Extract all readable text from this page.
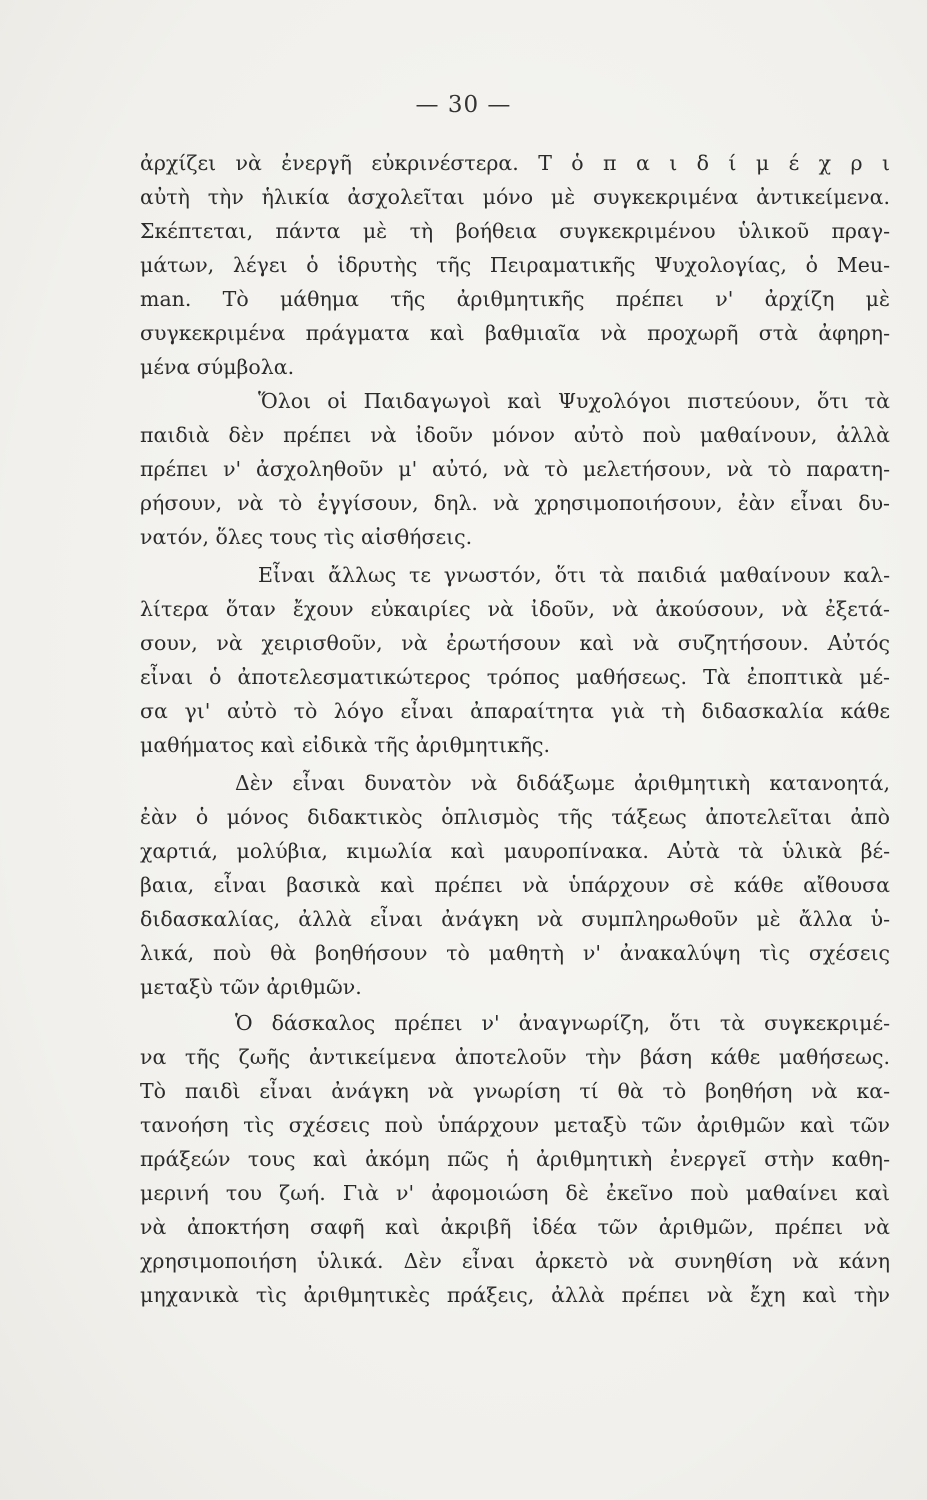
— 30 —
ἀρχίζει νὰ ἐνεργῆ εὐκρινέστερα. Τ ὁ π α ι δ ί μ έ χ ρ ι
αὐτὴ τὴν ἡλικία ἀσχολεῖται μόνο μὲ συγκεκριμένα ἀντικείμενα.
Σκέπτεται, πάντα μὲ τὴ βοήθεια συγκεκριμένου ὑλικοῦ πραγ-
μάτων, λέγει ὁ ἱδρυτὴς τῆς Πειραματικῆς Ψυχολογίας, ὁ Meu-
man. Τὸ μάθημα τῆς ἀριθμητικῆς πρέπει ν' ἀρχίζη μὲ
συγκεκριμένα πράγματα καὶ βαθμιαῖα νὰ προχωρῆ στὰ ἀφηρη-
μένα σύμβολα.
Ὅλοι οἱ Παιδαγωγοὶ καὶ Ψυχολόγοι πιστεύουν, ὅτι τὰ
παιδιὰ δὲν πρέπει νὰ ἰδοῦν μόνον αὐτὸ ποὺ μαθαίνουν, ἀλλὰ
πρέπει ν' ἀσχοληθοῦν μ' αὐτό, νὰ τὸ μελετήσουν, νὰ τὸ παρατη-
ρήσουν, νὰ τὸ ἐγγίσουν, δηλ. νὰ χρησιμοποιήσουν, ἐὰν εἶναι δυ-
νατόν, ὅλες τους τὶς αἰσθήσεις.
Εἶναι ἄλλως τε γνωστόν, ὅτι τὰ παιδιά μαθαίνουν καλ-
λίτερα ὅταν ἔχουν εὐκαιρίες νὰ ἰδοῦν, νὰ ἀκούσουν, νὰ ἐξετά-
σουν, νὰ χειρισθοῦν, νὰ ἐρωτήσουν καὶ νὰ συζητήσουν. Αὐτός
εἶναι ὁ ἀποτελεσματικώτερος τρόπος μαθήσεως. Τὰ ἐποπτικὰ μέ-
σα γι' αὐτὸ τὸ λόγο εἶναι ἀπαραίτητα γιὰ τὴ διδασκαλία κάθε
μαθήματος καὶ εἰδικὰ τῆς ἀριθμητικῆς.
Δὲν εἶναι δυνατὸν νὰ διδάξωμε ἀριθμητικὴ κατανοητά,
ἐὰν ὁ μόνος διδακτικὸς ὁπλισμὸς τῆς τάξεως ἀποτελεῖται ἀπὸ
χαρτιά, μολύβια, κιμωλία καὶ μαυροπίνακα. Αὐτὰ τὰ ὑλικὰ βέ-
βαια, εἶναι βασικὰ καὶ πρέπει νὰ ὑπάρχουν σὲ κάθε αἴθουσα
διδασκαλίας, ἀλλὰ εἶναι ἀνάγκη νὰ συμπληρωθοῦν μὲ ἄλλα ὑ-
λικά, ποὺ θὰ βοηθήσουν τὸ μαθητὴ ν' ἀνακαλύψη τὶς σχέσεις
μεταξὺ τῶν ἀριθμῶν.
Ὁ δάσκαλος πρέπει ν' ἀναγνωρίζη, ὅτι τὰ συγκεκριμέ-
να τῆς ζωῆς ἀντικείμενα ἀποτελοῦν τὴν βάση κάθε μαθήσεως.
Τὸ παιδὶ εἶναι ἀνάγκη νὰ γνωρίση τί θὰ τὸ βοηθήση νὰ κα-
τανοήση τὶς σχέσεις ποὺ ὑπάρχουν μεταξὺ τῶν ἀριθμῶν καὶ τῶν
πράξεών τους καὶ ἀκόμη πῶς ἡ ἀριθμητικὴ ἐνεργεῖ στὴν καθη-
μερινή του ζωή. Γιὰ ν' ἀφομοιώση δὲ ἐκεῖνο ποὺ μαθαίνει καὶ
νὰ ἀποκτήση σαφῆ καὶ ἀκριβῆ ἰδέα τῶν ἀριθμῶν, πρέπει νὰ
χρησιμοποιήση ὑλικά. Δὲν εἶναι ἀρκετὸ νὰ συνηθίση νὰ κάνη
μηχανικὰ τὶς ἀριθμητικὲς πράξεις, ἀλλὰ πρέπει νὰ ἔχη καὶ τὴν
